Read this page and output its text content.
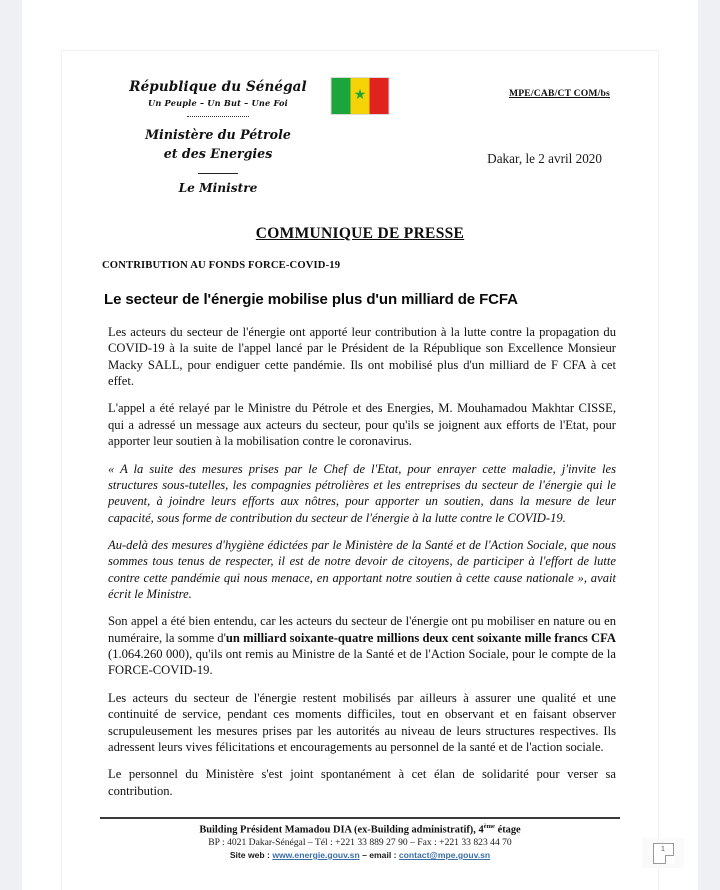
République du Sénégal
Un Peuple – Un But – Une Foi
Ministère du Pétrole
et des Energies
Le Ministre
★	MPE/CAB/CT COM/bs
Dakar, le 2 avril 2020
COMMUNIQUE DE PRESSE
CONTRIBUTION AU FONDS FORCE-COVID-19
Le secteur de l'énergie mobilise plus d'un milliard de FCFA

Les acteurs du secteur de l'énergie ont apporté leur contribution à la lutte contre la propagation du COVID-19 à la suite de l'appel lancé par le Président de la République son Excellence Monsieur Macky SALL, pour endiguer cette pandémie. Ils ont mobilisé plus d'un milliard de F CFA à cet effet.

L'appel a été relayé par le Ministre du Pétrole et des Energies, M. Mouhamadou Makhtar CISSE, qui a adressé un message aux acteurs du secteur, pour qu'ils se joignent aux efforts de l'Etat, pour apporter leur soutien à la mobilisation contre le coronavirus.

« A la suite des mesures prises par le Chef de l'Etat, pour enrayer cette maladie, j'invite les structures sous-tutelles, les compagnies pétrolières et les entreprises du secteur de l'énergie qui le peuvent, à joindre leurs efforts aux nôtres, pour apporter un soutien, dans la mesure de leur capacité, sous forme de contribution du secteur de l'énergie à la lutte contre le COVID-19.

Au-delà des mesures d'hygiène édictées par le Ministère de la Santé et de l'Action Sociale, que nous sommes tous tenus de respecter, il est de notre devoir de citoyens, de participer à l'effort de lutte contre cette pandémie qui nous menace, en apportant notre soutien à cette cause nationale », avait écrit le Ministre.

Son appel a été bien entendu, car les acteurs du secteur de l'énergie ont pu mobiliser en nature ou en numéraire, la somme d'un milliard soixante-quatre millions deux cent soixante mille francs CFA (1.064.260 000), qu'ils ont remis au Ministre de la Santé et de l'Action Sociale, pour le compte de la FORCE-COVID-19.

Les acteurs du secteur de l'énergie restent mobilisés par ailleurs à assurer une qualité et une continuité de service, pendant ces moments difficiles, tout en observant et en faisant observer scrupuleusement les mesures prises par les autorités au niveau de leurs structures respectives. Ils adressent leurs vives félicitations et encouragements au personnel de la santé et de l'action sociale.

Le personnel du Ministère s'est joint spontanément à cet élan de solidarité pour verser sa contribution.

Building Président Mamadou DIA (ex-Building administratif), 4ème étage
BP : 4021 Dakar-Sénégal – Tél : +221 33 889 27 90 – Fax : +221 33 823 44 70
Site web : www.energie.gouv.sn – email : contact@mpe.gouv.sn
1
